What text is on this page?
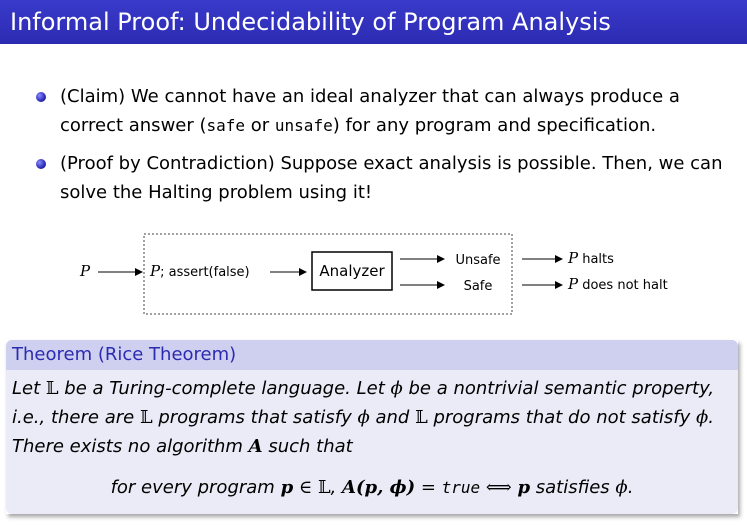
Informal Proof: Undecidability of Program Analysis
(Claim) We cannot have an ideal analyzer that can always produce a correct answer (safe or unsafe) for any program and specification.
(Proof by Contradiction) Suppose exact analysis is possible. Then, we can solve the Halting problem using it!
P	P; assert(false)	Analyzer
Unsafe
Safe
P halts
P does not halt
Theorem (Rice Theorem)
Let 𝕃 be a Turing-complete language. Let ϕ be a nontrivial semantic property, i.e., there are 𝕃 programs that satisfy ϕ and 𝕃 programs that do not satisfy ϕ. There exists no algorithm A such that
for every program p ∈ 𝕃, A(p, ϕ) = true ⟺ p satisfies ϕ.
